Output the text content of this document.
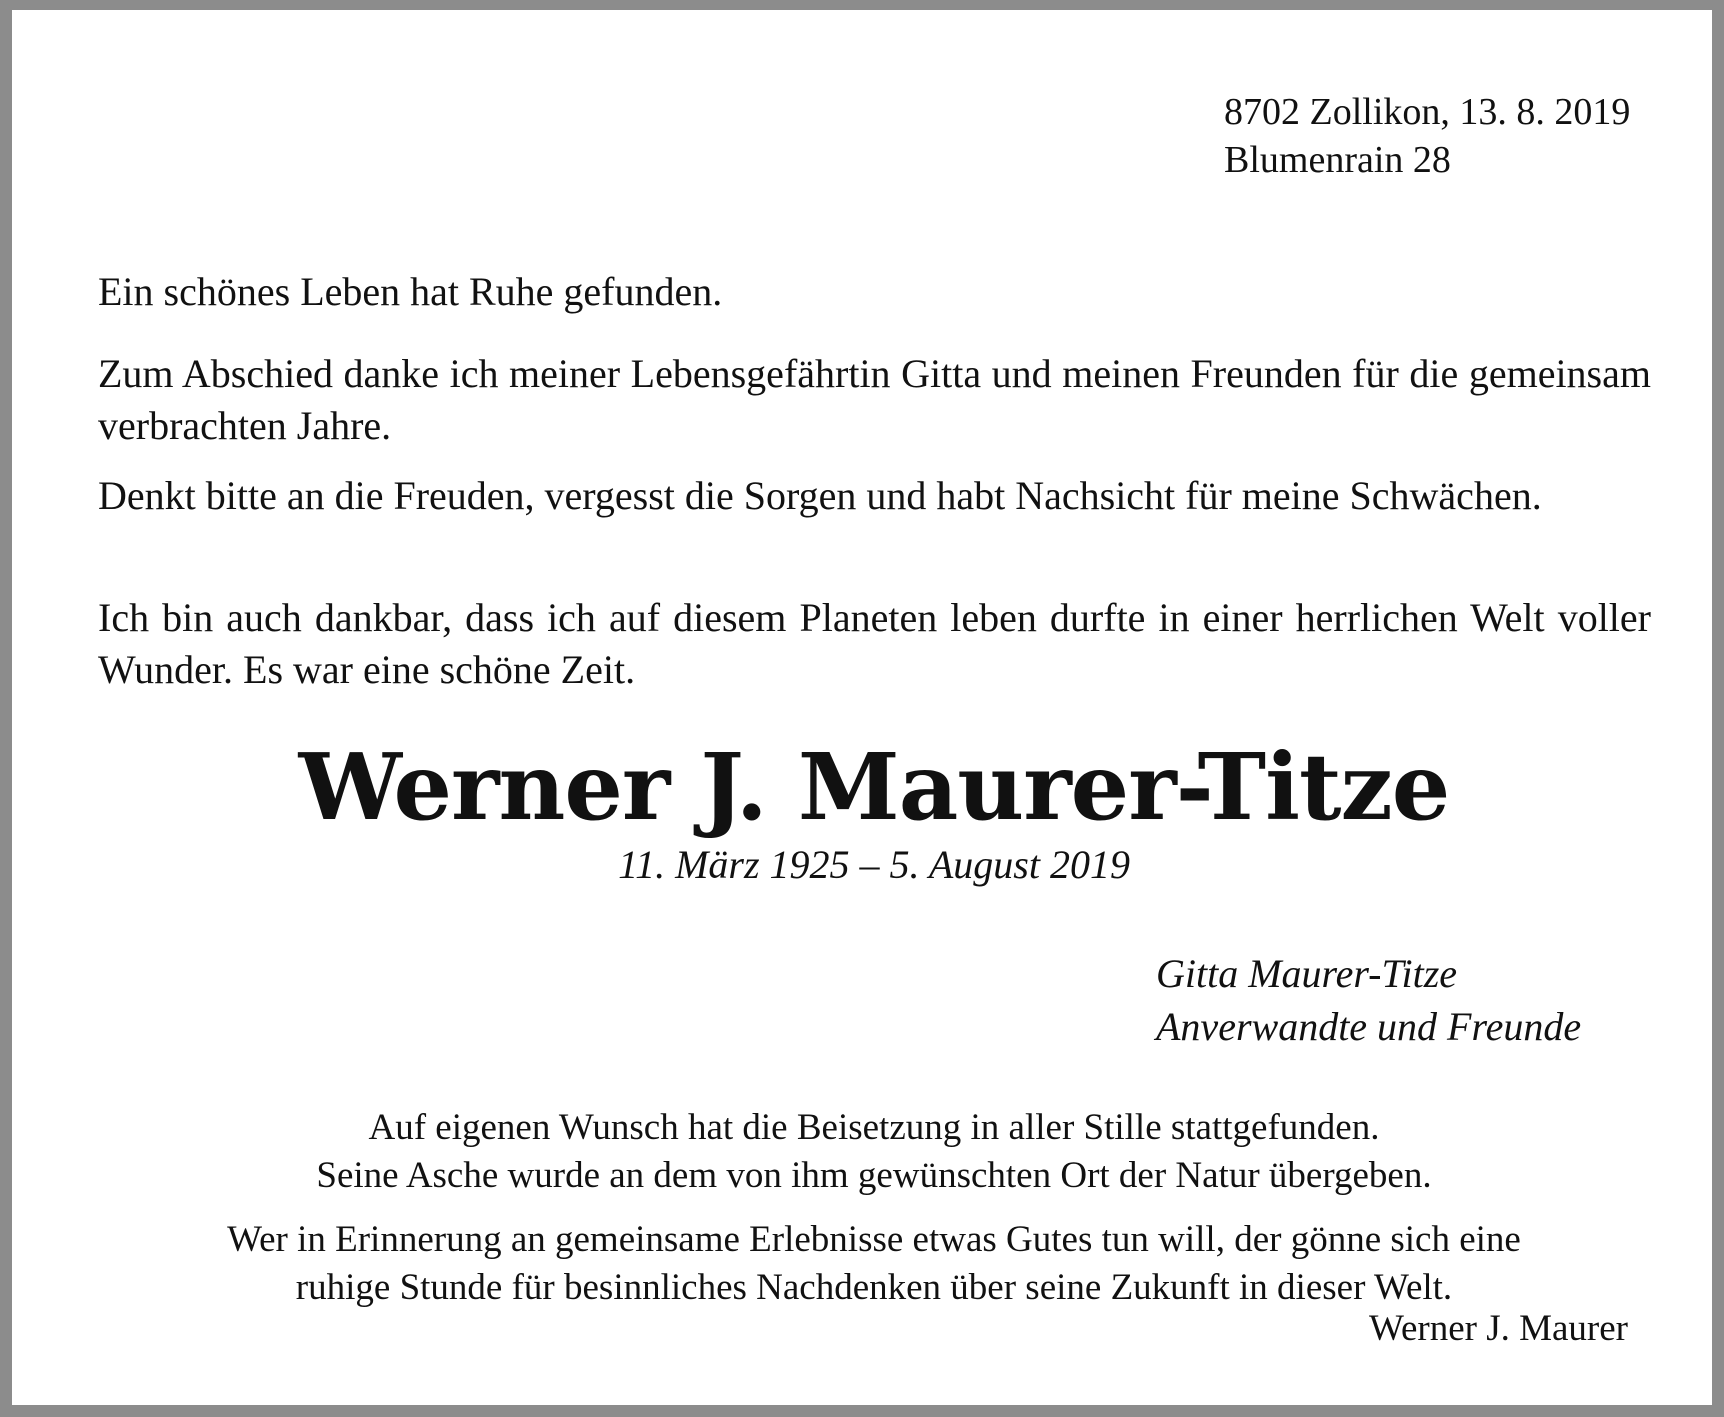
8702 Zollikon, 13. 8. 2019
Blumenrain 28
Ein schönes Leben hat Ruhe gefunden.
Zum Abschied danke ich meiner Lebensgefährtin Gitta und meinen Freunden für die gemeinsam verbrachten Jahre.
Denkt bitte an die Freuden, vergesst die Sorgen und habt Nachsicht für meine Schwächen.
Ich bin auch dankbar, dass ich auf diesem Planeten leben durfte in einer herrlichen Welt voller Wunder. Es war eine schöne Zeit.
Werner J. Maurer-Titze
11. März 1925 – 5. August 2019
Gitta Maurer-Titze
Anverwandte und Freunde
Auf eigenen Wunsch hat die Beisetzung in aller Stille stattgefunden.
Seine Asche wurde an dem von ihm gewünschten Ort der Natur übergeben.
Wer in Erinnerung an gemeinsame Erlebnisse etwas Gutes tun will, der gönne sich eine
ruhige Stunde für besinnliches Nachdenken über seine Zukunft in dieser Welt.
Werner J. Maurer
